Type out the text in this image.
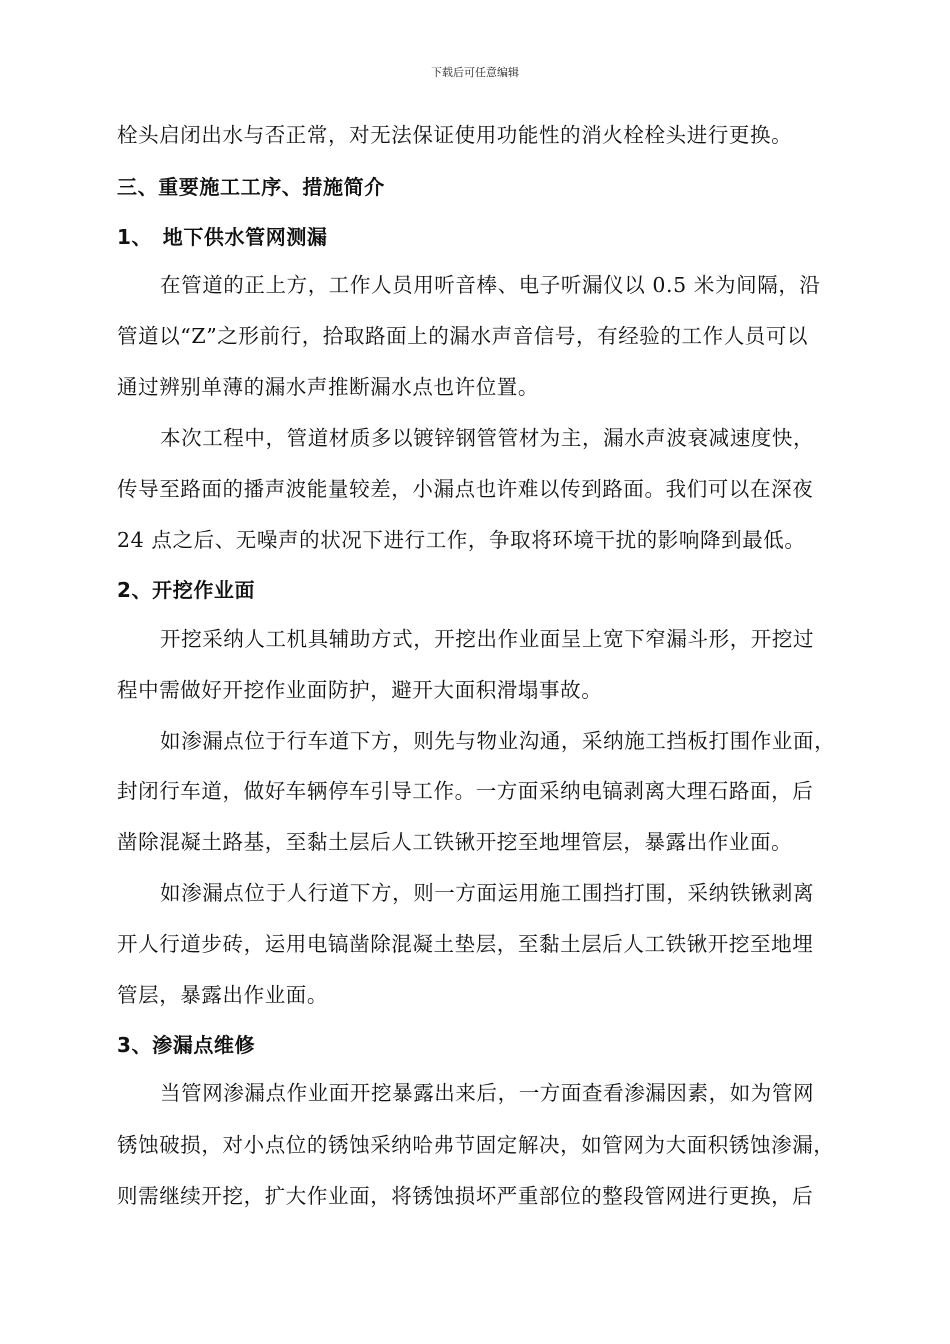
下载后可任意编辑
栓头启闭出水与否正常，对无法保证使用功能性的消火栓栓头进行更换。
三、重要施工工序、措施简介
1、　地下供水管网测漏
在管道的正上方，工作人员用听音棒、电子听漏仪以 0.5 米为间隔，沿
管道以“Z”之形前行，拾取路面上的漏水声音信号，有经验的工作人员可以
通过辨别单薄的漏水声推断漏水点也许位置。
本次工程中，管道材质多以镀锌钢管管材为主，漏水声波衰减速度快，
传导至路面的播声波能量较差，小漏点也许难以传到路面。我们可以在深夜
24 点之后、无噪声的状况下进行工作，争取将环境干扰的影响降到最低。
2、开挖作业面
开挖采纳人工机具辅助方式，开挖出作业面呈上宽下窄漏斗形，开挖过
程中需做好开挖作业面防护，避开大面积滑塌事故。
如渗漏点位于行车道下方，则先与物业沟通，采纳施工挡板打围作业面，
封闭行车道，做好车辆停车引导工作。一方面采纳电镐剥离大理石路面，后
凿除混凝土路基，至黏土层后人工铁锹开挖至地埋管层，暴露出作业面。
如渗漏点位于人行道下方，则一方面运用施工围挡打围，采纳铁锹剥离
开人行道步砖，运用电镐凿除混凝土垫层，至黏土层后人工铁锹开挖至地埋
管层，暴露出作业面。
3、渗漏点维修
当管网渗漏点作业面开挖暴露出来后，一方面查看渗漏因素，如为管网
锈蚀破损，对小点位的锈蚀采纳哈弗节固定解决，如管网为大面积锈蚀渗漏，
则需继续开挖，扩大作业面，将锈蚀损坏严重部位的整段管网进行更换，后
